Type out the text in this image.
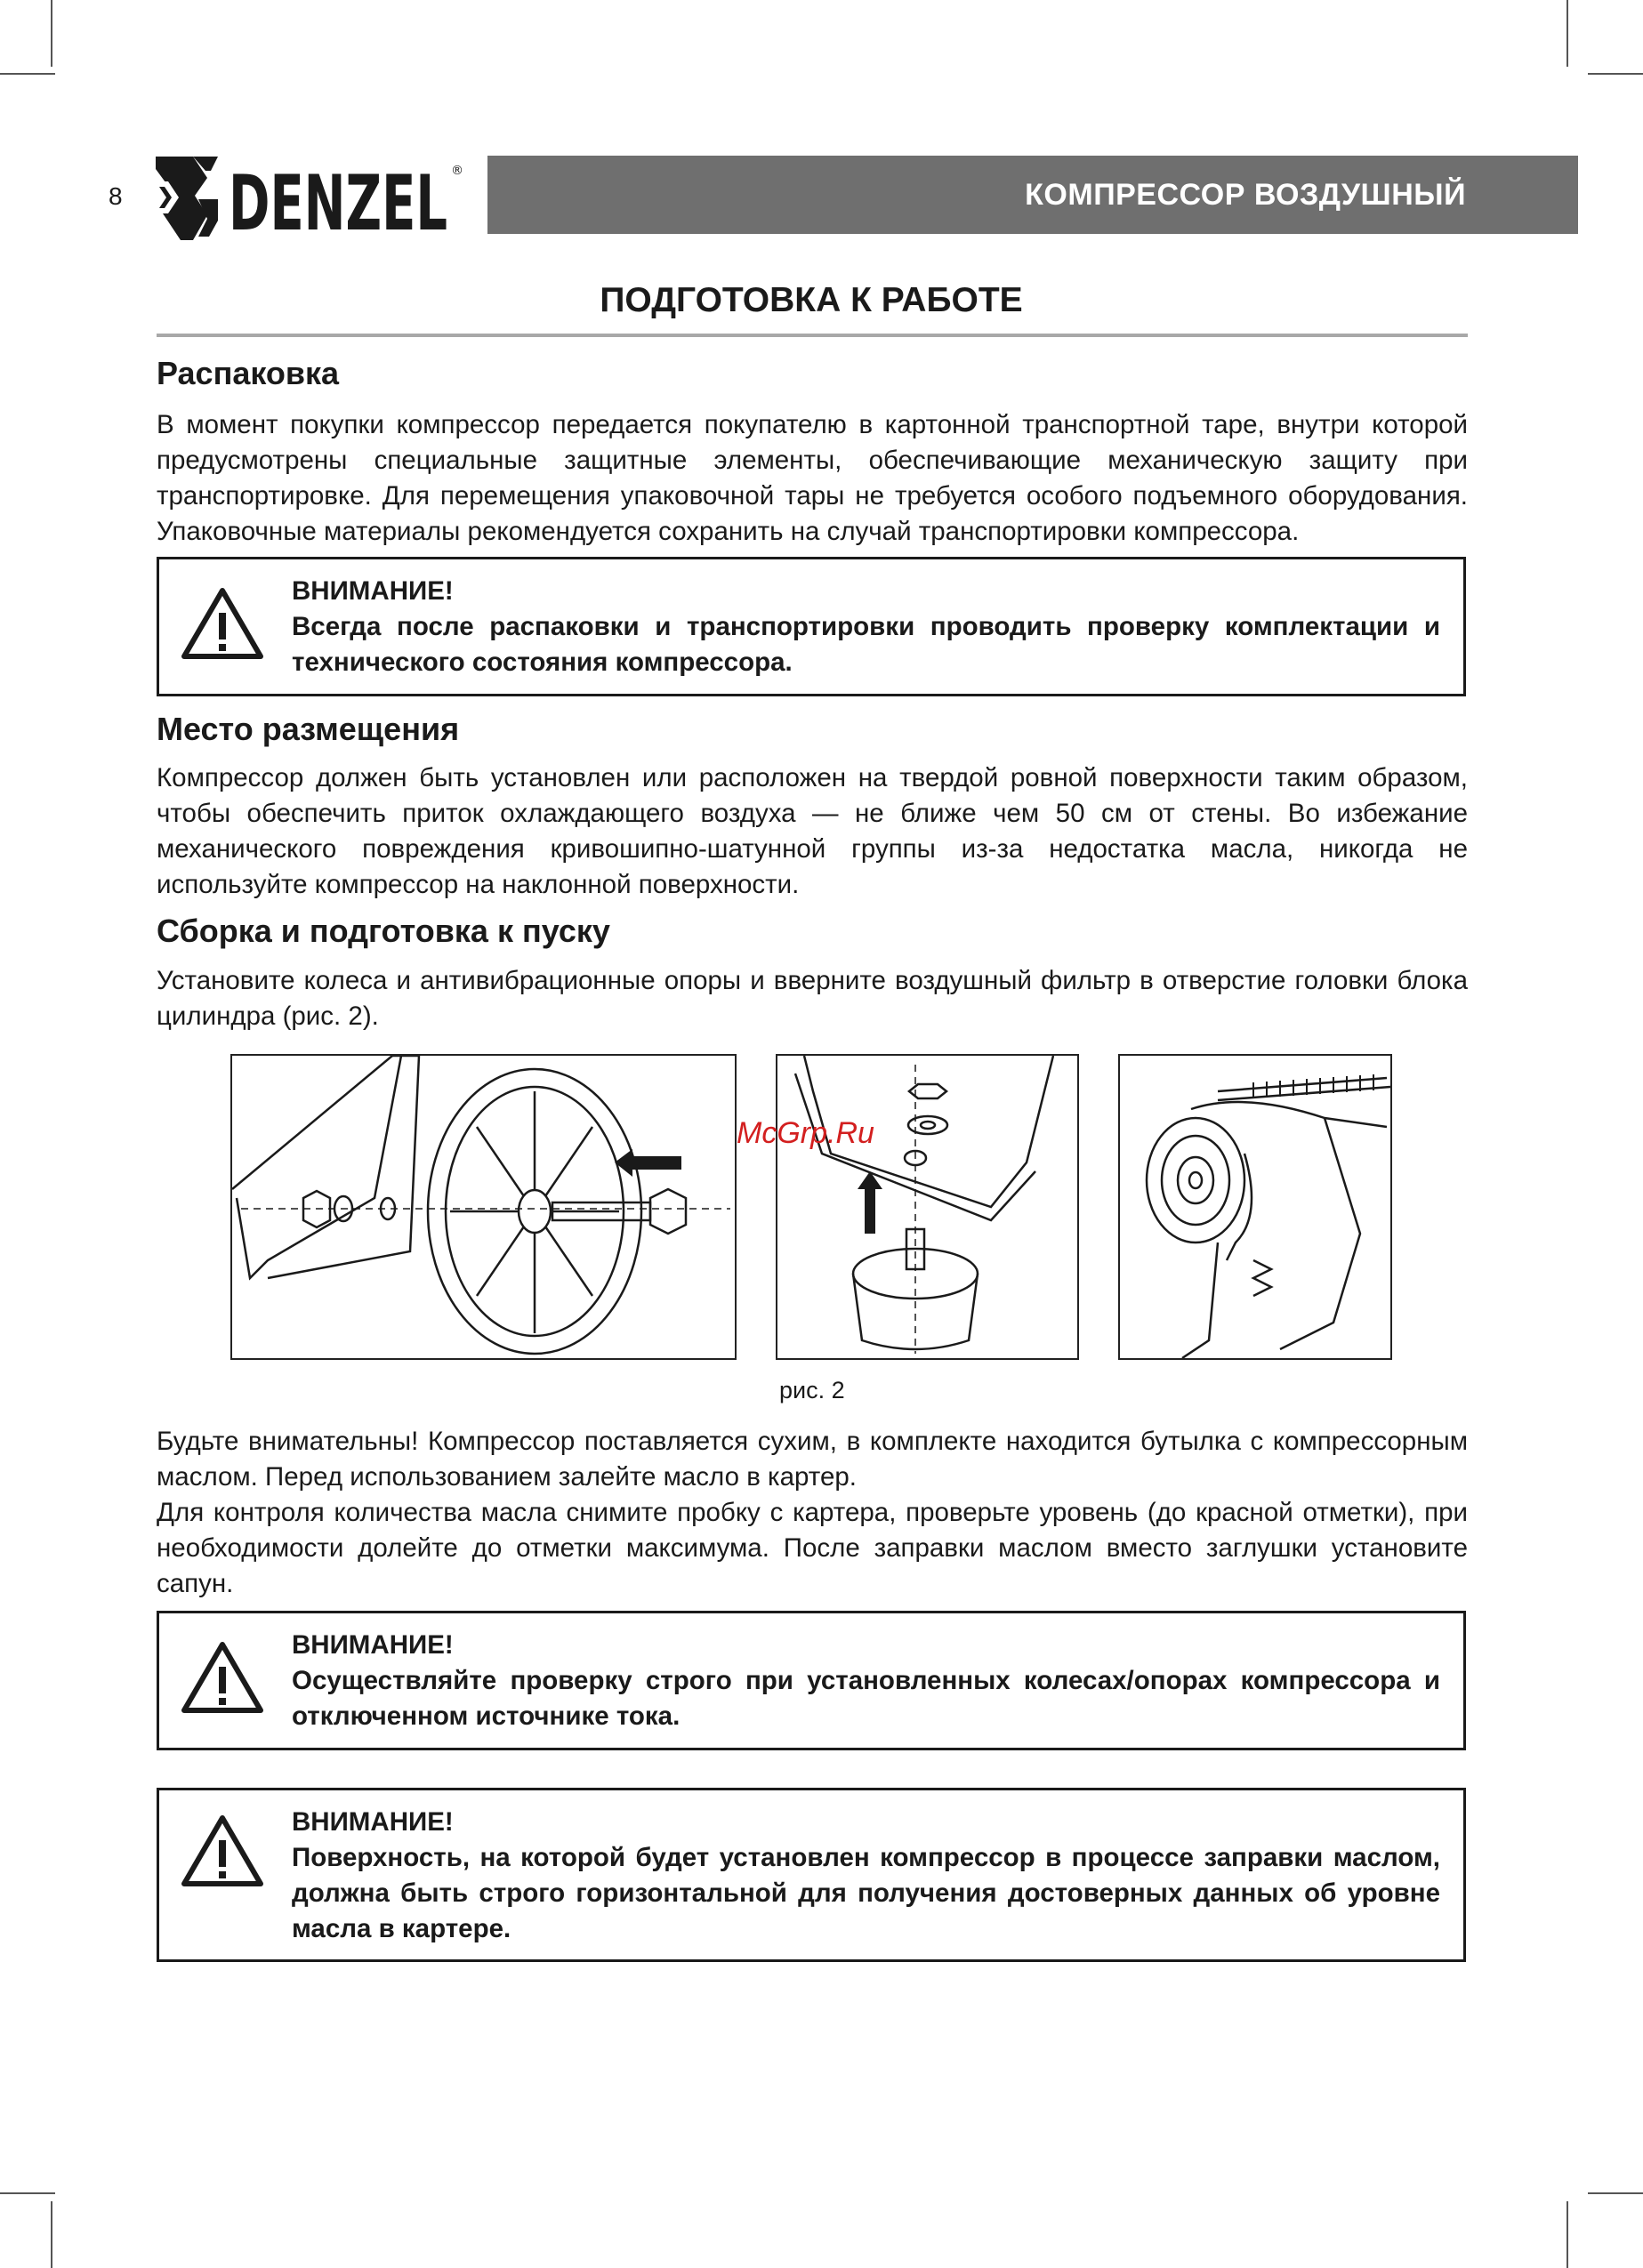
8 DENZEL ®
КОМПРЕССОР ВОЗДУШНЫЙ
ПОДГОТОВКА К РАБОТЕ
Распаковка

В момент покупки компрессор передается покупателю в картонной транспортной таре, внутри которой предусмотрены специальные защитные элементы, обеспечивающие механическую защиту при транспортировке. Для перемещения упаковочной тары не требуется особого подъемного оборудования. Упаковочные материалы рекомендуется сохранить на случай транспортировки компрессора.

ВНИМАНИЕ!
Всегда после распаковки и транспортировки проводить проверку комплектации и технического состояния компрессора.
Место размещения

Компрессор должен быть установлен или расположен на твердой ровной поверхности таким образом, чтобы обеспечить приток охлаждающего воздуха — не ближе чем 50 см от стены. Во избежание механического повреждения кривошипно-шатунной группы из-за недостатка масла, никогда не используйте компрессор на наклонной поверхности.

Сборка и подготовка к пуску

Установите колеса и антивибрационные опоры и вверните воздушный фильтр в отверстие головки блока цилиндра (рис. 2).

McGrp.Ru
рис. 2

Будьте внимательны! Компрессор поставляется сухим, в комплекте находится бутылка с компрессорным маслом. Перед использованием залейте масло в картер.

Для контроля количества масла снимите пробку с картера, проверьте уровень (до красной отметки), при необходимости долейте до отметки максимума. После заправки маслом вместо заглушки установите сапун.

ВНИМАНИЕ!
Осуществляйте проверку строго при установленных колесах/опорах компрессора и отключенном источнике тока.
ВНИМАНИЕ!
Поверхность, на которой будет установлен компрессор в процессе заправки маслом, должна быть строго горизонтальной для получения достоверных данных об уровне масла в картере.
